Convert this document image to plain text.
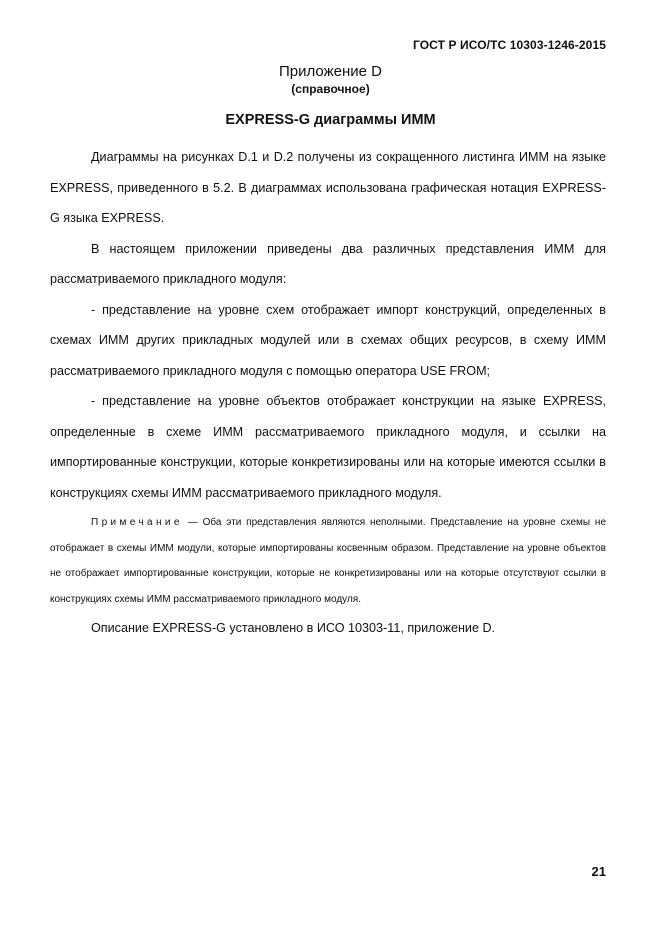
ГОСТ Р ИСО/ТС 10303-1246-2015
Приложение D
(справочное)
EXPRESS-G диаграммы ИММ

Диаграммы на рисунках D.1 и D.2 получены из сокращенного листинга ИММ на языке EXPRESS, приведенного в 5.2. В диаграммах использована графическая нотация EXPRESS-G языка EXPRESS.

В настоящем приложении приведены два различных представления ИММ для рассматриваемого прикладного модуля:

- представление на уровне схем отображает импорт конструкций, определенных в схемах ИММ других прикладных модулей или в схемах общих ресурсов, в схему ИММ рассматриваемого прикладного модуля с помощью оператора USE FROM;

- представление на уровне объектов отображает конструкции на языке EXPRESS, определенные в схеме ИММ рассматриваемого прикладного модуля, и ссылки на импортированные конструкции, которые конкретизированы или на которые имеются ссылки в конструкциях схемы ИММ рассматриваемого прикладного модуля.

Примечание — Оба эти представления являются неполными. Представление на уровне схемы не отображает в схемы ИММ модули, которые импортированы косвенным образом. Представление на уровне объектов не отображает импортированные конструкции, которые не конкретизированы или на которые отсутствуют ссылки в конструкциях схемы ИММ рассматриваемого прикладного модуля.

Описание EXPRESS-G установлено в ИСО 10303-11, приложение D.

21
